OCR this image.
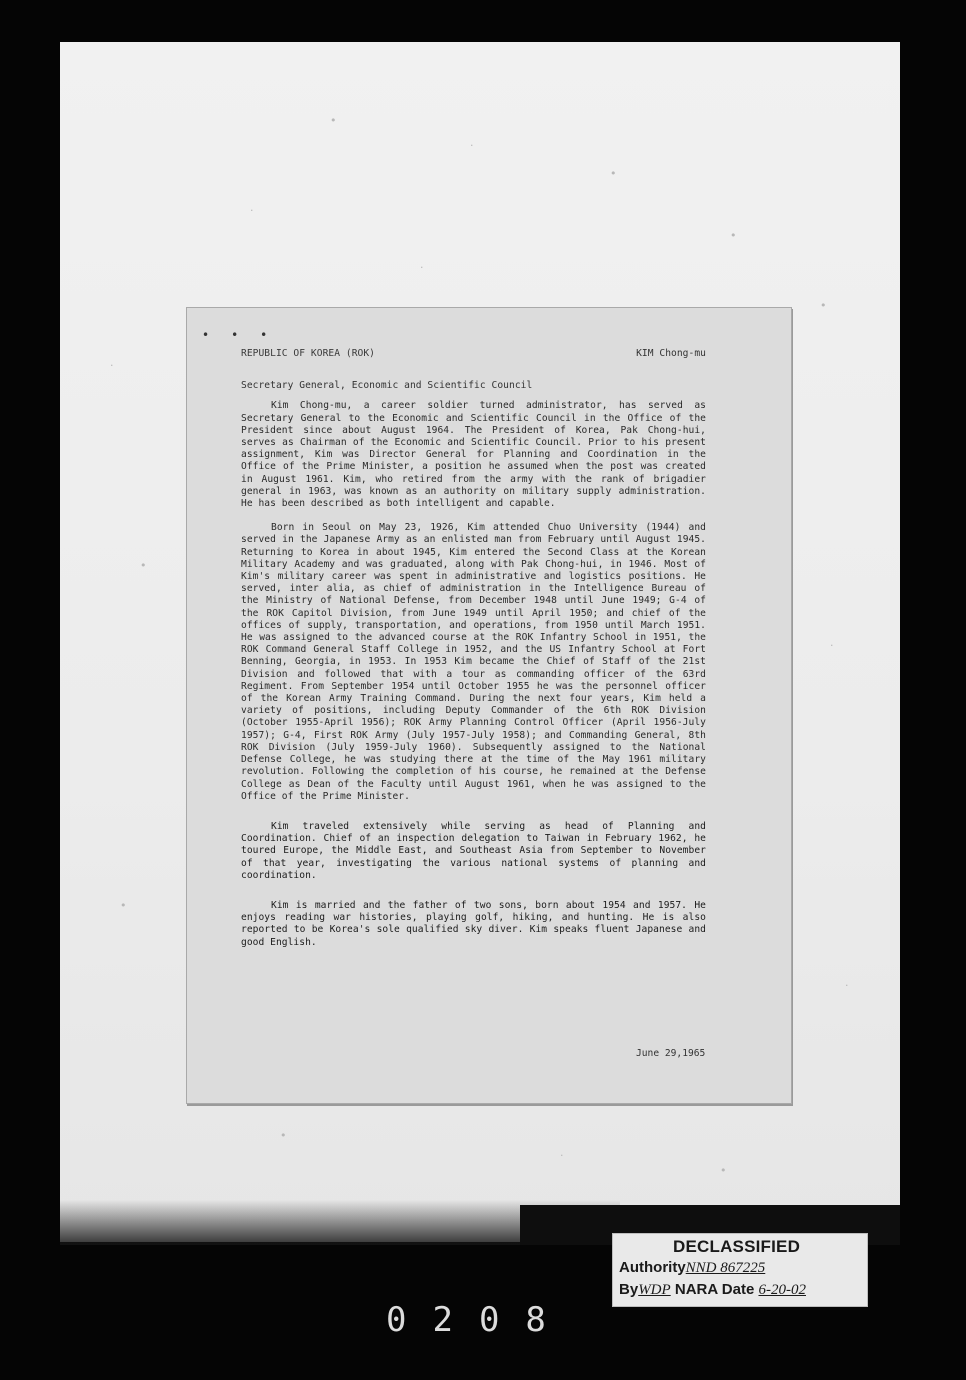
•
·
•
·
•
·
•
·
•
·
•
·
•
·
•
•••
REPUBLIC OF KOREA (ROK)	KIM Chong-mu
Secretary General, Economic and Scientific Council

Kim Chong-mu, a career soldier turned administrator, has served as Secretary General to the Economic and Scientific Council in the Office of the President since about August 1964. The President of Korea, Pak Chong-hui, serves as Chairman of the Economic and Scientific Council. Prior to his present assignment, Kim was Director General for Planning and Coordination in the Office of the Prime Minister, a position he assumed when the post was created in August 1961. Kim, who retired from the army with the rank of brigadier general in 1963, was known as an authority on military supply administration. He has been described as both intelligent and capable.

Born in Seoul on May 23, 1926, Kim attended Chuo University (1944) and served in the Japanese Army as an enlisted man from February until August 1945. Returning to Korea in about 1945, Kim entered the Second Class at the Korean Military Academy and was graduated, along with Pak Chong-hui, in 1946. Most of Kim's military career was spent in administrative and logistics positions. He served, inter alia, as chief of administration in the Intelligence Bureau of the Ministry of National Defense, from December 1948 until June 1949; G-4 of the ROK Capitol Division, from June 1949 until April 1950; and chief of the offices of supply, transportation, and operations, from 1950 until March 1951. He was assigned to the advanced course at the ROK Infantry School in 1951, the ROK Command General Staff College in 1952, and the US Infantry School at Fort Benning, Georgia, in 1953. In 1953 Kim became the Chief of Staff of the 21st Division and followed that with a tour as commanding officer of the 63rd Regiment. From September 1954 until October 1955 he was the personnel officer of the Korean Army Training Command. During the next four years, Kim held a variety of positions, including Deputy Commander of the 6th ROK Division (October 1955-April 1956); ROK Army Planning Control Officer (April 1956-July 1957); G-4, First ROK Army (July 1957-July 1958); and Commanding General, 8th ROK Division (July 1959-July 1960). Subsequently assigned to the National Defense College, he was studying there at the time of the May 1961 military revolution. Following the completion of his course, he remained at the Defense College as Dean of the Faculty until August 1961, when he was assigned to the Office of the Prime Minister.

Kim traveled extensively while serving as head of Planning and Coordination. Chief of an inspection delegation to Taiwan in February 1962, he toured Europe, the Middle East, and Southeast Asia from September to November of that year, investigating the various national systems of planning and coordination.

Kim is married and the father of two sons, born about 1954 and 1957. He enjoys reading war histories, playing golf, hiking, and hunting. He is also reported to be Korea's sole qualified sky diver. Kim speaks fluent Japanese and good English.

June 29,1965
DECLASSIFIED
AuthorityNND 867225
ByWDP NARA Date 6-20-02
0208
